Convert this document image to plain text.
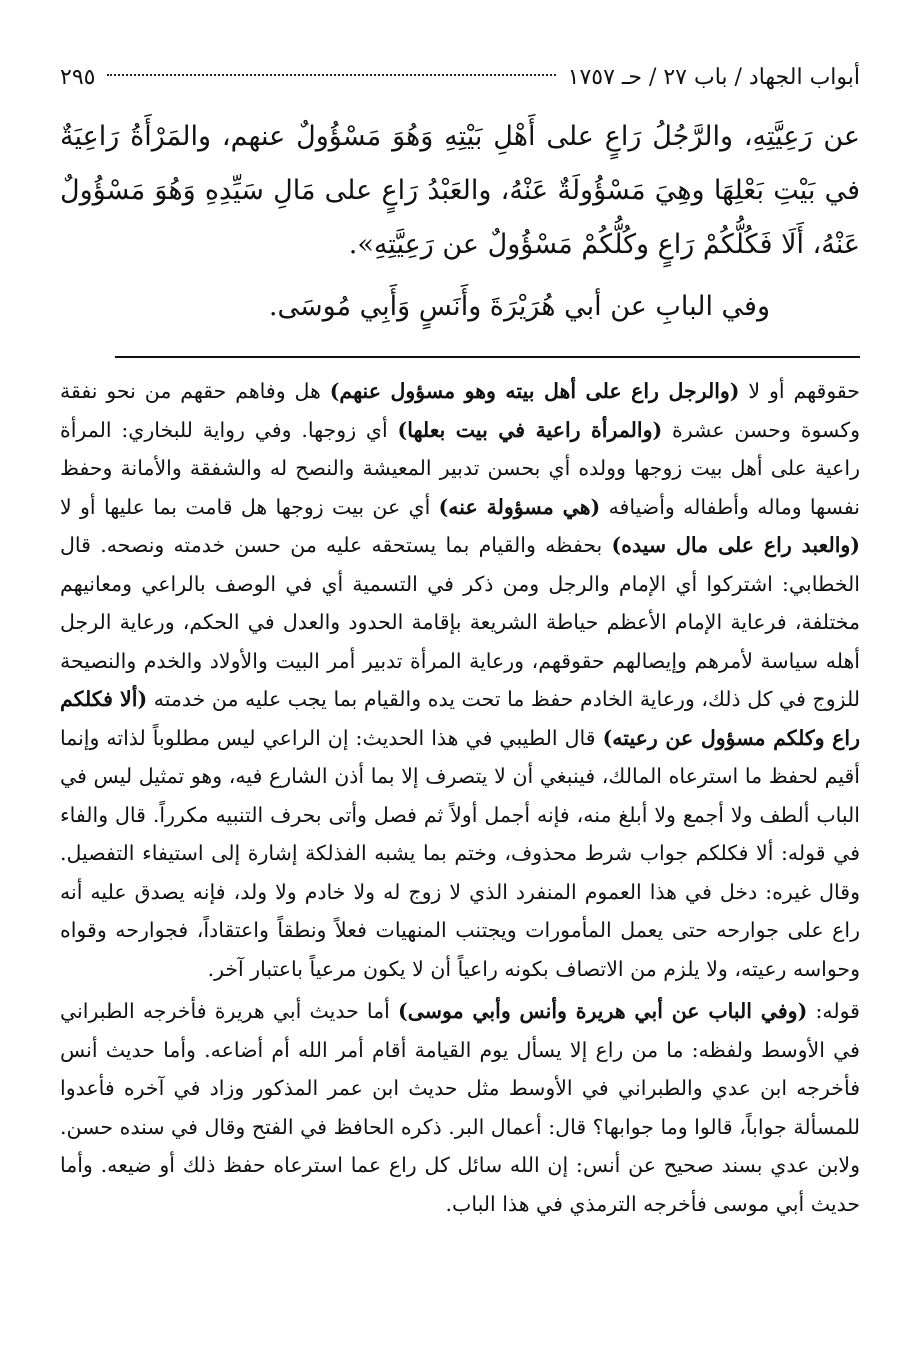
أبواب الجهاد / باب ٢٧ / حـ ١٧٥٧
٢٩٥

عن رَعِيَّتِهِ، والرَّجُلُ رَاعٍ على أَهْلِ بَيْتِهِ وَهُوَ مَسْؤُولٌ عنهم، والمَرْأَةُ رَاعِيَةٌ في بَيْتِ بَعْلِهَا وهِيَ مَسْؤُولَةٌ عَنْهُ، والعَبْدُ رَاعٍ على مَالِ سَيِّدِهِ وَهُوَ مَسْؤُولٌ عَنْهُ، أَلَا فَكُلُّكُمْ رَاعٍ وكُلُّكُمْ مَسْؤُولٌ عن رَعِيَّتِهِ».

وفي البابِ عن أبي هُرَيْرَةَ وأَنَسٍ وَأَبِي مُوسَى.

حقوقهم أو لا (والرجل راع على أهل بيته وهو مسؤول عنهم) هل وفاهم حقهم من نحو نفقة وكسوة وحسن عشرة (والمرأة راعية في بيت بعلها) أي زوجها. وفي رواية للبخاري: المرأة راعية على أهل بيت زوجها وولده أي بحسن تدبير المعيشة والنصح له والشفقة والأمانة وحفظ نفسها وماله وأطفاله وأضيافه (هي مسؤولة عنه) أي عن بيت زوجها هل قامت بما عليها أو لا (والعبد راع على مال سيده) بحفظه والقيام بما يستحقه عليه من حسن خدمته ونصحه. قال الخطابي: اشتركوا أي الإمام والرجل ومن ذكر في التسمية أي في الوصف بالراعي ومعانيهم مختلفة، فرعاية الإمام الأعظم حياطة الشريعة بإقامة الحدود والعدل في الحكم، ورعاية الرجل أهله سياسة لأمرهم وإيصالهم حقوقهم، ورعاية المرأة تدبير أمر البيت والأولاد والخدم والنصيحة للزوج في كل ذلك، ورعاية الخادم حفظ ما تحت يده والقيام بما يجب عليه من خدمته (ألا فكلكم راع وكلكم مسؤول عن رعيته) قال الطيبي في هذا الحديث: إن الراعي ليس مطلوباً لذاته وإنما أقيم لحفظ ما استرعاه المالك، فينبغي أن لا يتصرف إلا بما أذن الشارع فيه، وهو تمثيل ليس في الباب ألطف ولا أجمع ولا أبلغ منه، فإنه أجمل أولاً ثم فصل وأتى بحرف التنبيه مكرراً. قال والفاء في قوله: ألا فكلكم جواب شرط محذوف، وختم بما يشبه الفذلكة إشارة إلى استيفاء التفصيل. وقال غيره: دخل في هذا العموم المنفرد الذي لا زوج له ولا خادم ولا ولد، فإنه يصدق عليه أنه راع على جوارحه حتى يعمل المأمورات ويجتنب المنهيات فعلاً ونطقاً واعتقاداً، فجوارحه وقواه وحواسه رعيته، ولا يلزم من الاتصاف بكونه راعياً أن لا يكون مرعياً باعتبار آخر.

قوله: (وفي الباب عن أبي هريرة وأنس وأبي موسى) أما حديث أبي هريرة فأخرجه الطبراني في الأوسط ولفظه: ما من راع إلا يسأل يوم القيامة أقام أمر الله أم أضاعه. وأما حديث أنس فأخرجه ابن عدي والطبراني في الأوسط مثل حديث ابن عمر المذكور وزاد في آخره فأعدوا للمسألة جواباً، قالوا وما جوابها؟ قال: أعمال البر. ذكره الحافظ في الفتح وقال في سنده حسن. ولابن عدي بسند صحيح عن أنس: إن الله سائل كل راع عما استرعاه حفظ ذلك أو ضيعه. وأما حديث أبي موسى فأخرجه الترمذي في هذا الباب.
